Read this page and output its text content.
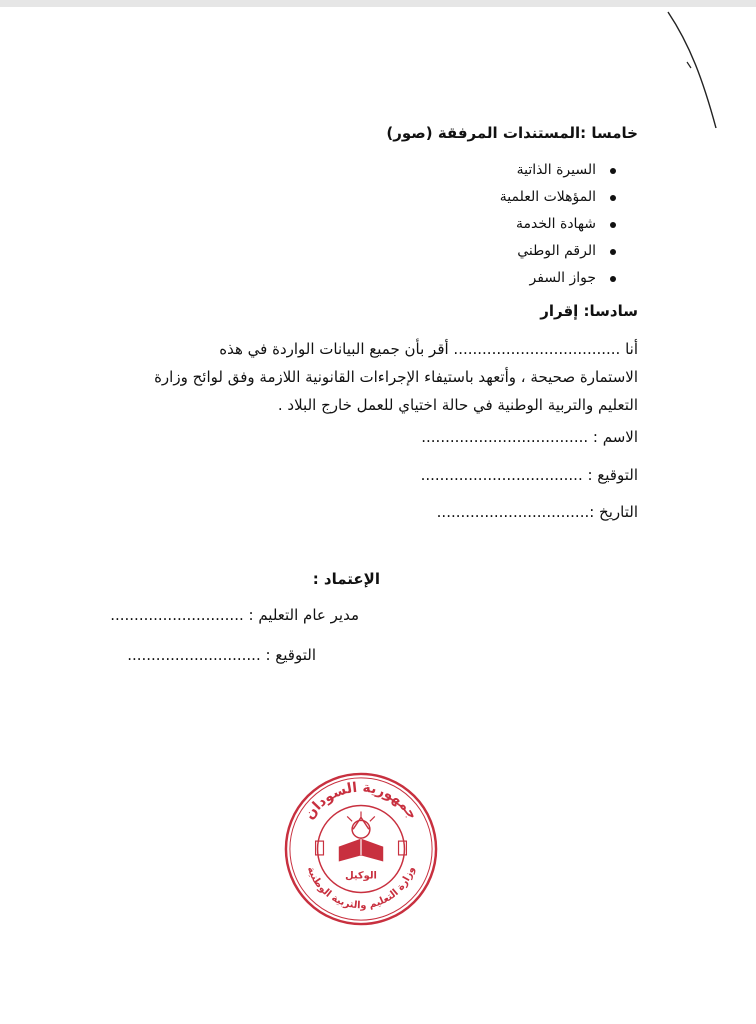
خامسا :المستندات المرفقة (صور)
السيرة الذاتية
المؤهلات العلمية
شهادة الخدمة
الرقم الوطني
جواز السفر
سادسا: إقرار
أنا ................................... أقر بأن جميع البيانات الواردة في هذه
الاستمارة صحيحة ، وأتعهد باستيفاء الإجراءات القانونية اللازمة وفق لوائح وزارة
التعليم والتربية الوطنية في حالة اختياي للعمل خارج البلاد .
الاسم : ...................................
التوقيع : ..................................
التاريخ :................................
الإعتماد :
مدير عام التعليم : ............................
التوقيع : ............................
جمهورية السودان
وزارة التعليم والتربية الوطنية
الوكيل
